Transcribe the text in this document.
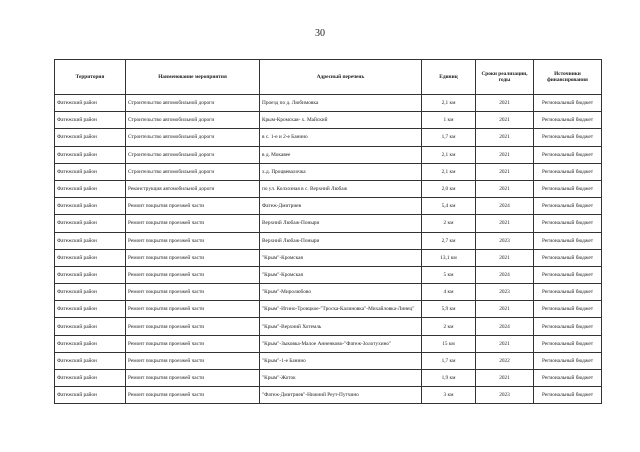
30
Территория	Наименование мероприятия	Адресный перечень	Единиц	Сроки реализации, годы	Источники финансирования
Фатежский район	Строительство автомобильной дороги	Проезд по д. Любимовка	2,1 км	2021	Региональный бюджет
Фатежский район	Строительство автомобильной дороги	Крым-Кромская- х. Майский	1 км	2021	Региональный бюджет
Фатежский район	Строительство автомобильной дороги	в с. 1-е и 2-е Банино	1,7 км	2021	Региональный бюджет
Фатежский район	Строительство автомобильной дороги	в д. Мокаяее	2,1 км	2021	Региональный бюджет
Фатежский район	Строительство автомобильной дороги	х.д. Процвевалочка	2,1 км	2021	Региональный бюджет
Фатежский район	Реконструкция автомобильной дороги	по ул. Колхозная в с. Верхний Любаж	2,0 км	2021	Региональный бюджет
Фатежский район	Ремонт покрытия проезжей части	Фатеж-Дмитриев	5,4 км	2024	Региональный бюджет
Фатежский район	Ремонт покрытия проезжей части	Верхний Любаж-Поныри	2 км	2021	Региональный бюджет
Фатежский район	Ремонт покрытия проезжей части	Верхний Любаж-Поныри	2,7 км	2023	Региональный бюджет
Фатежский район	Ремонт покрытия проезжей части	"Крым"-Кромская	13,1 км	2021	Региональный бюджет
Фатежский район	Ремонт покрытия проезжей части	"Крым"-Кромская	5 км	2024	Региональный бюджет
Фатежский район	Ремонт покрытия проезжей части	"Крым"-Миролюбово	4 км	2023	Региональный бюджет
Фатежский район	Ремонт покрытия проезжей части	"Крым"-Игино-Троицкое-"Троска-Калиновка"-Михайловка-Линец"	5,9 км	2021	Региональный бюджет
Фатежский район	Ремонт покрытия проезжей части	"Крым"-Верхний Хотемль	2 км	2024	Региональный бюджет
Фатежский район	Ремонт покрытия проезжей части	"Крым"-Зыковка-Малое Анненково-"Фатеж-Золотухино"	15 км	2021	Региональный бюджет
Фатежский район	Ремонт покрытия проезжей части	"Крым"-1-е Банино	1,7 км	2022	Региональный бюджет
Фатежский район	Ремонт покрытия проезжей части	"Крым"-Жоток	1,9 км	2021	Региональный бюджет
Фатежский район	Ремонт покрытия проезжей части	"Фатеж-Дмитриев"-Нижний Реут-Путчино	3 км	2023	Региональный бюджет
